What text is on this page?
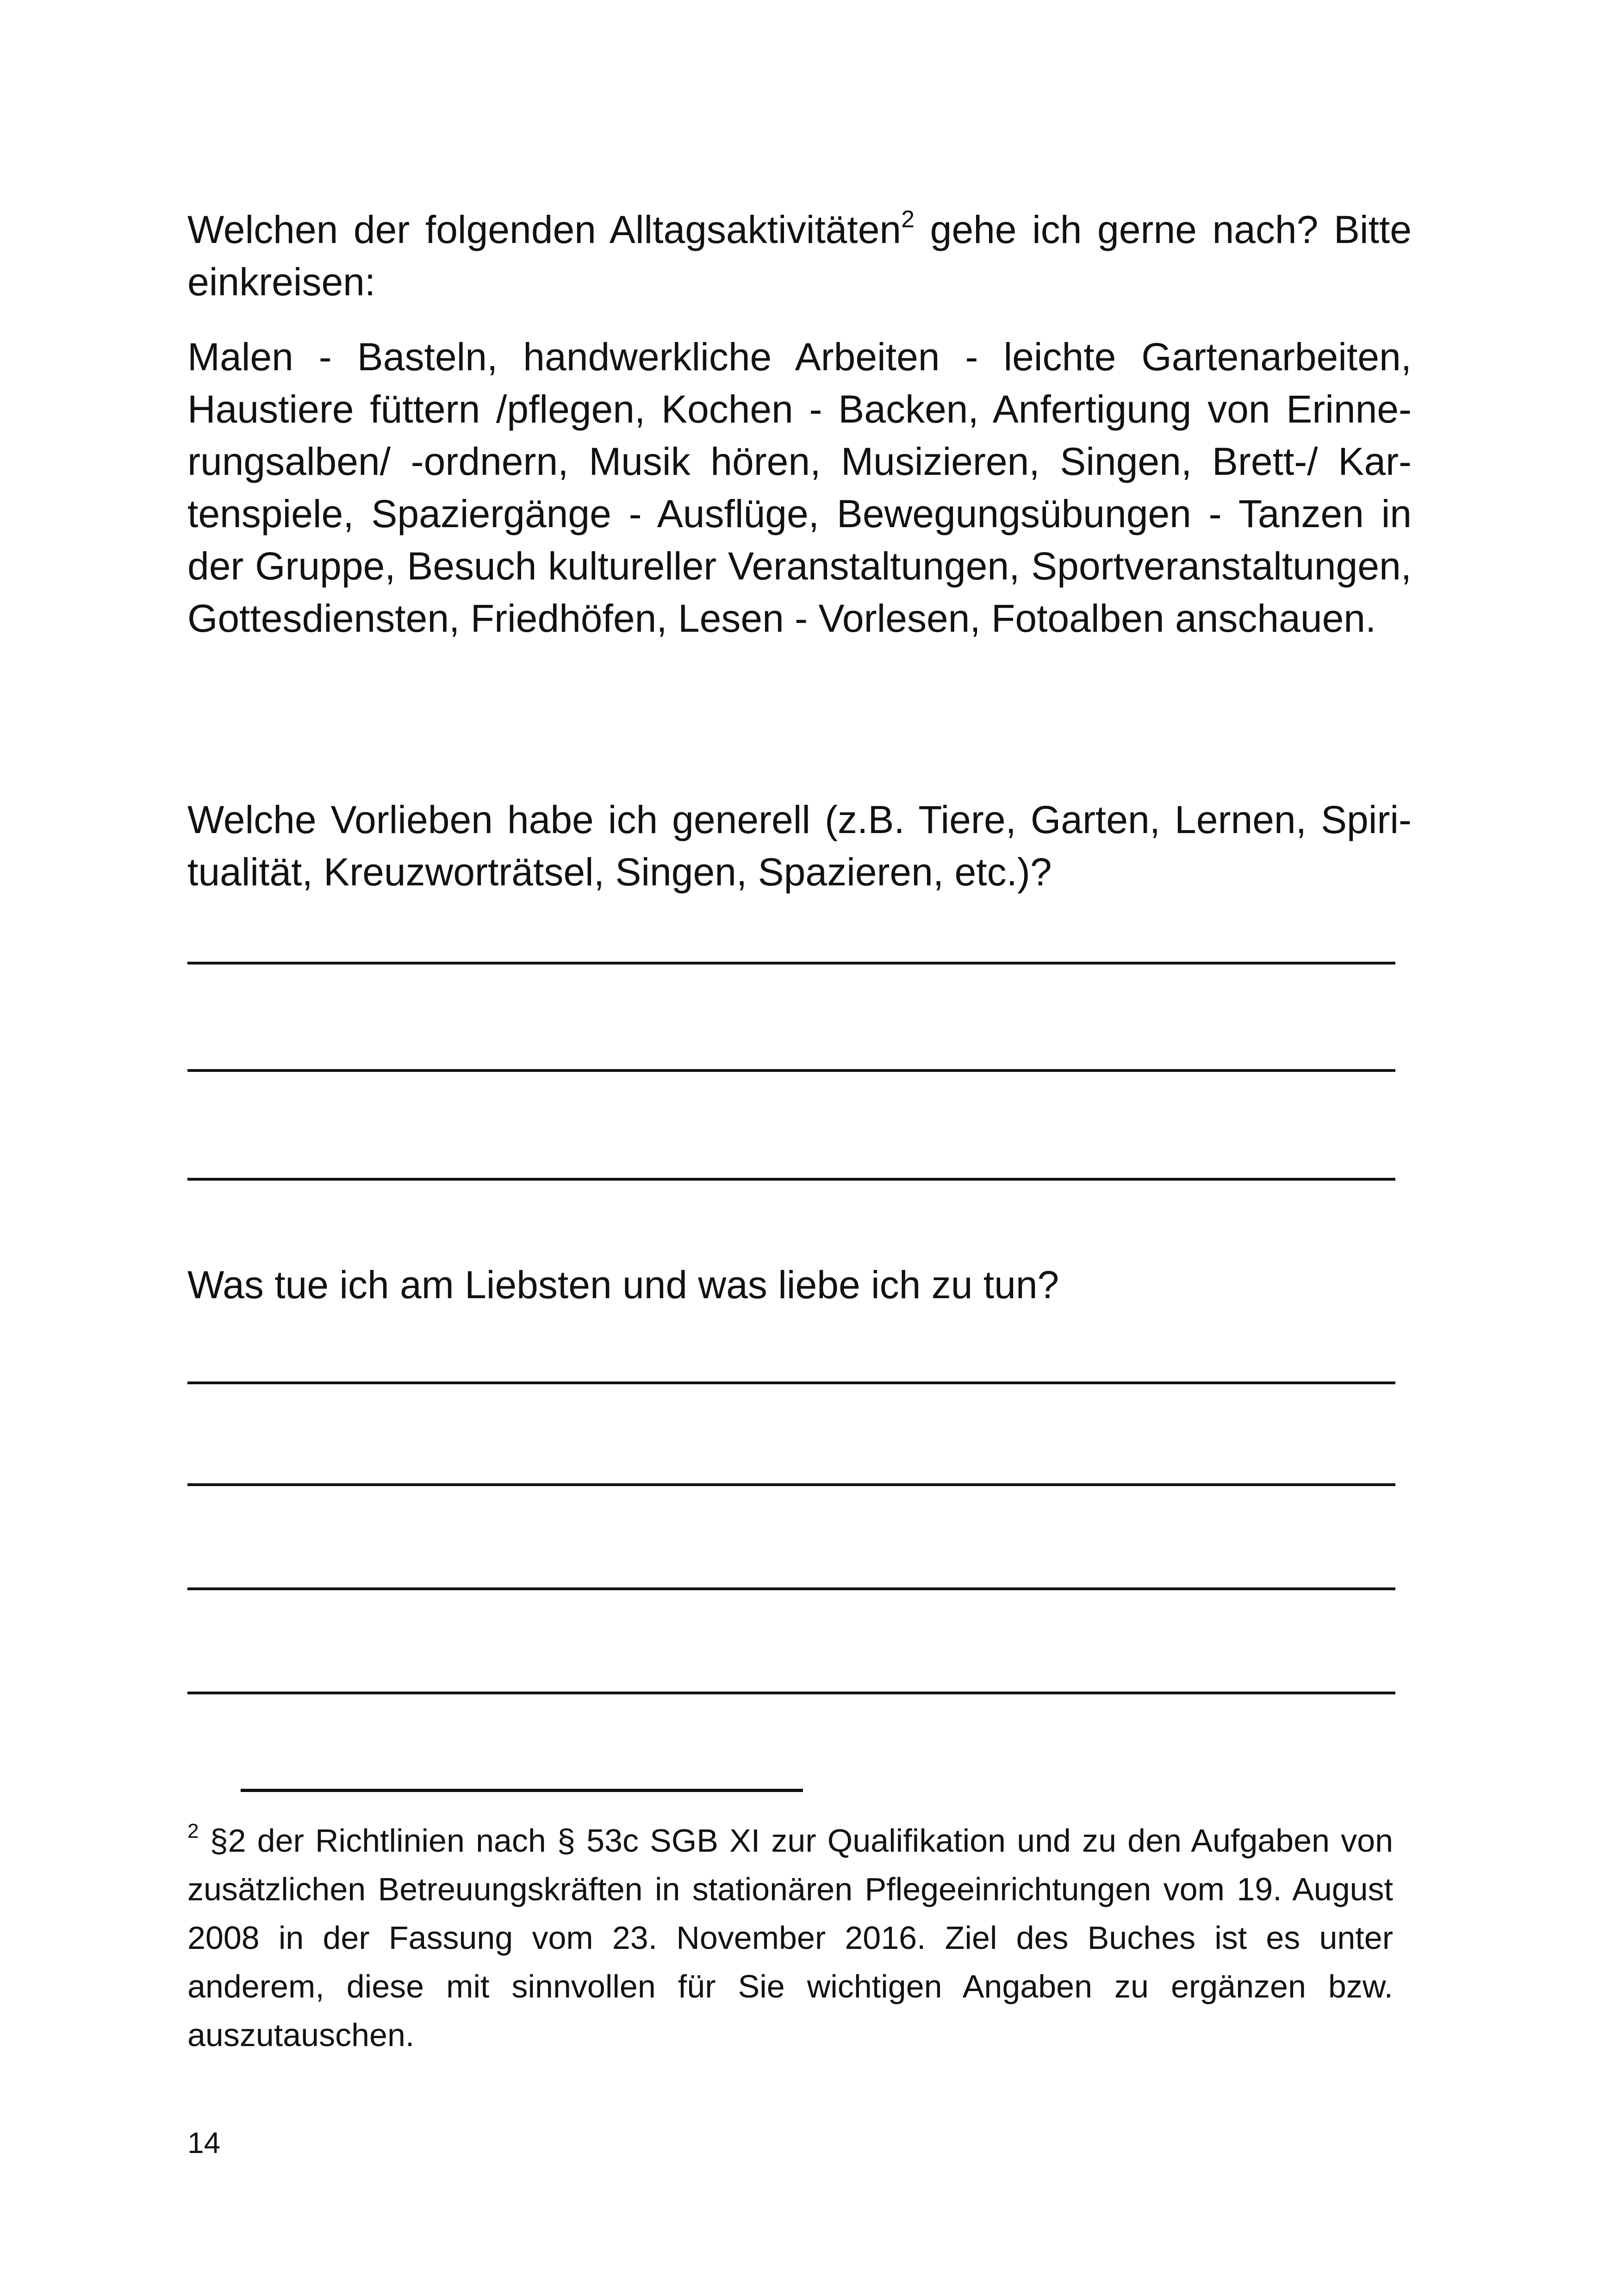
Welchen der folgenden Alltagsaktivitäten$^2$ gehe ich gerne nach? Bitte einkreisen:

Malen - Basteln, handwerkliche Arbeiten - leichte Gartenarbeiten, Haustiere füttern /pflegen, Kochen - Backen, Anfertigung von Erinnerungsalben/ -ordnern, Musik hören, Musizieren, Singen, Brett-/ Kartenspiele, Spaziergänge - Ausflüge, Bewegungsübungen - Tanzen in der Gruppe, Besuch kultureller Veranstaltungen, Sportveranstaltungen, Gottesdiensten, Friedhöfen, Lesen - Vorlesen, Fotoalben anschauen.

Welche Vorlieben habe ich generell (z.B. Tiere, Garten, Lernen, Spiritualität, Kreuzworträtsel, Singen, Spazieren, etc.)?

Was tue ich am Liebsten und was liebe ich zu tun?

$^2$ §2 der Richtlinien nach § 53c SGB XI zur Qualifikation und zu den Aufgaben von zusätzlichen Betreuungskräften in stationären Pflegeeinrichtungen vom 19. August 2008 in der Fassung vom 23. November 2016. Ziel des Buches ist es unter anderem, diese mit sinnvollen für Sie wichtigen Angaben zu ergänzen bzw. auszutauschen.

14
